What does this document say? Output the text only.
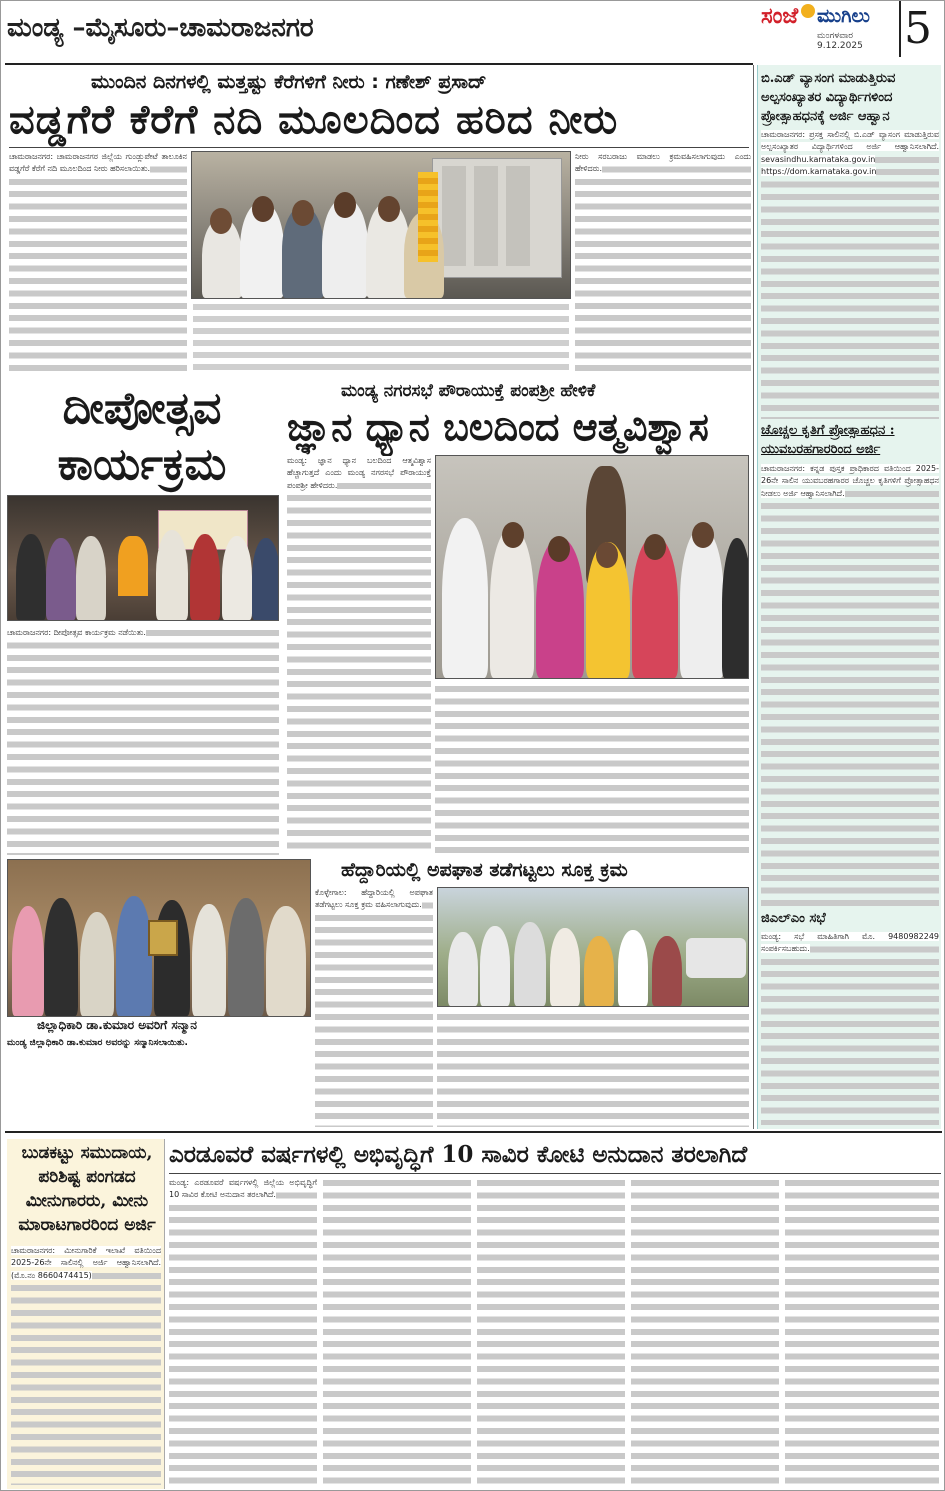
ಮಂಡ್ಯ –ಮೈಸೂರು–ಚಾಮರಾಜನಗರ	ಸಂಜೆ ಮುಗಿಲು
ಮಂಗಳವಾರ
9.12.2025 5
ಮುಂದಿನ ದಿನಗಳಲ್ಲಿ ಮತ್ತಷ್ಟು ಕೆರೆಗಳಿಗೆ ನೀರು : ಗಣೇಶ್ ಪ್ರಸಾದ್
ವಡ್ಡಗೆರೆ ಕೆರೆಗೆ ನದಿ ಮೂಲದಿಂದ ಹರಿದ ನೀರು

ಚಾಮರಾಜನಗರ: ಚಾಮರಾಜನಗರ ಜಿಲ್ಲೆಯ ಗುಂಡ್ಲುಪೇಟೆ ತಾಲೂಕಿನ ವಡ್ಡಗೆರೆ ಕೆರೆಗೆ ನದಿ ಮೂಲದಿಂದ ನೀರು ಹರಿಸಲಾಯಿತು.

ನೀರು ಸರಬರಾಜು ಮಾಡಲು ಕ್ರಮವಹಿಸಲಾಗುವುದು ಎಂದು ಹೇಳಿದರು.

ದೀಪೋತ್ಸವ ಕಾರ್ಯಕ್ರಮ

ಚಾಮರಾಜನಗರ: ದೀಪೋತ್ಸವ ಕಾರ್ಯಕ್ರಮ ನಡೆಯಿತು.

ಮಂಡ್ಯ ನಗರಸಭೆ ಪೌರಾಯುಕ್ತೆ ಪಂಪಶ್ರೀ ಹೇಳಿಕೆ
ಜ್ಞಾನ ಧ್ಯಾನ ಬಲದಿಂದ ಆತ್ಮವಿಶ್ವಾಸ

ಮಂಡ್ಯ: ಜ್ಞಾನ ಧ್ಯಾನ ಬಲದಿಂದ ಆತ್ಮವಿಶ್ವಾಸ ಹೆಚ್ಚಾಗುತ್ತದೆ ಎಂದು ಮಂಡ್ಯ ನಗರಸಭೆ ಪೌರಾಯುಕ್ತೆ ಪಂಪಶ್ರೀ ಹೇಳಿದರು.

ಜಿಲ್ಲಾಧಿಕಾರಿ ಡಾ.ಕುಮಾರ ಅವರಿಗೆ ಸನ್ಮಾನ
ಮಂಡ್ಯ ಜಿಲ್ಲಾಧಿಕಾರಿ ಡಾ.ಕುಮಾರ ಅವರನ್ನು ಸನ್ಮಾನಿಸಲಾಯಿತು.
ಹೆದ್ದಾರಿಯಲ್ಲಿ ಅಪಘಾತ ತಡೆಗಟ್ಟಲು ಸೂಕ್ತ ಕ್ರಮ

ಕೊಳ್ಳೇಗಾಲ: ಹೆದ್ದಾರಿಯಲ್ಲಿ ಅಪಘಾತ ತಡೆಗಟ್ಟಲು ಸೂಕ್ತ ಕ್ರಮ ವಹಿಸಲಾಗುವುದು.

ಬಿ.ಎಡ್ ವ್ಯಾಸಂಗ ಮಾಡುತ್ತಿರುವ ಅಲ್ಪಸಂಖ್ಯಾತರ ವಿದ್ಯಾರ್ಥಿಗಳಿಂದ ಪ್ರೋತ್ಸಾಹಧನಕ್ಕೆ ಅರ್ಜಿ ಆಹ್ವಾನ

ಚಾಮರಾಜನಗರ: ಪ್ರಸಕ್ತ ಸಾಲಿನಲ್ಲಿ ಬಿ.ಎಡ್ ವ್ಯಾಸಂಗ ಮಾಡುತ್ತಿರುವ ಅಲ್ಪಸಂಖ್ಯಾತರ ವಿದ್ಯಾರ್ಥಿಗಳಿಂದ ಅರ್ಜಿ ಆಹ್ವಾನಿಸಲಾಗಿದೆ. sevasindhu.karnataka.gov.in https://dom.karnataka.gov.in

ಚೊಚ್ಚಲ ಕೃತಿಗೆ ಪ್ರೋತ್ಸಾಹಧನ : ಯುವಬರಹಗಾರರಿಂದ ಅರ್ಜಿ

ಚಾಮರಾಜನಗರ: ಕನ್ನಡ ಪುಸ್ತಕ ಪ್ರಾಧಿಕಾರದ ವತಿಯಿಂದ 2025-26ನೇ ಸಾಲಿನ ಯುವಬರಹಗಾರರ ಚೊಚ್ಚಲ ಕೃತಿಗಳಿಗೆ ಪ್ರೋತ್ಸಾಹಧನ ನೀಡಲು ಅರ್ಜಿ ಆಹ್ವಾನಿಸಲಾಗಿದೆ.

ಜಿಎಲ್‌ಎಂ ಸಭೆ

ಮಂಡ್ಯ: ಸಭೆ ಮಾಹಿತಿಗಾಗಿ ಮೊ. 9480982249 ಸಂಪರ್ಕಿಸಬಹುದು.

ಬುಡಕಟ್ಟು ಸಮುದಾಯ, ಪರಿಶಿಷ್ಟ ಪಂಗಡದ ಮೀನುಗಾರರು, ಮೀನು ಮಾರಾಟಗಾರರಿಂದ ಅರ್ಜಿ

ಚಾಮರಾಜನಗರ: ಮೀನುಗಾರಿಕೆ ಇಲಾಖೆ ವತಿಯಿಂದ 2025-26ನೇ ಸಾಲಿನಲ್ಲಿ ಅರ್ಜಿ ಆಹ್ವಾನಿಸಲಾಗಿದೆ. (ಮೊ.ನಂ 8660474415)

ಎರಡೂವರೆ ವರ್ಷಗಳಲ್ಲಿ ಅಭಿವೃದ್ಧಿಗೆ 10 ಸಾವಿರ ಕೋಟಿ ಅನುದಾನ ತರಲಾಗಿದೆ

ಮಂಡ್ಯ: ಎರಡೂವರೆ ವರ್ಷಗಳಲ್ಲಿ ಜಿಲ್ಲೆಯ ಅಭಿವೃದ್ಧಿಗೆ 10 ಸಾವಿರ ಕೋಟಿ ಅನುದಾನ ತರಲಾಗಿದೆ.
